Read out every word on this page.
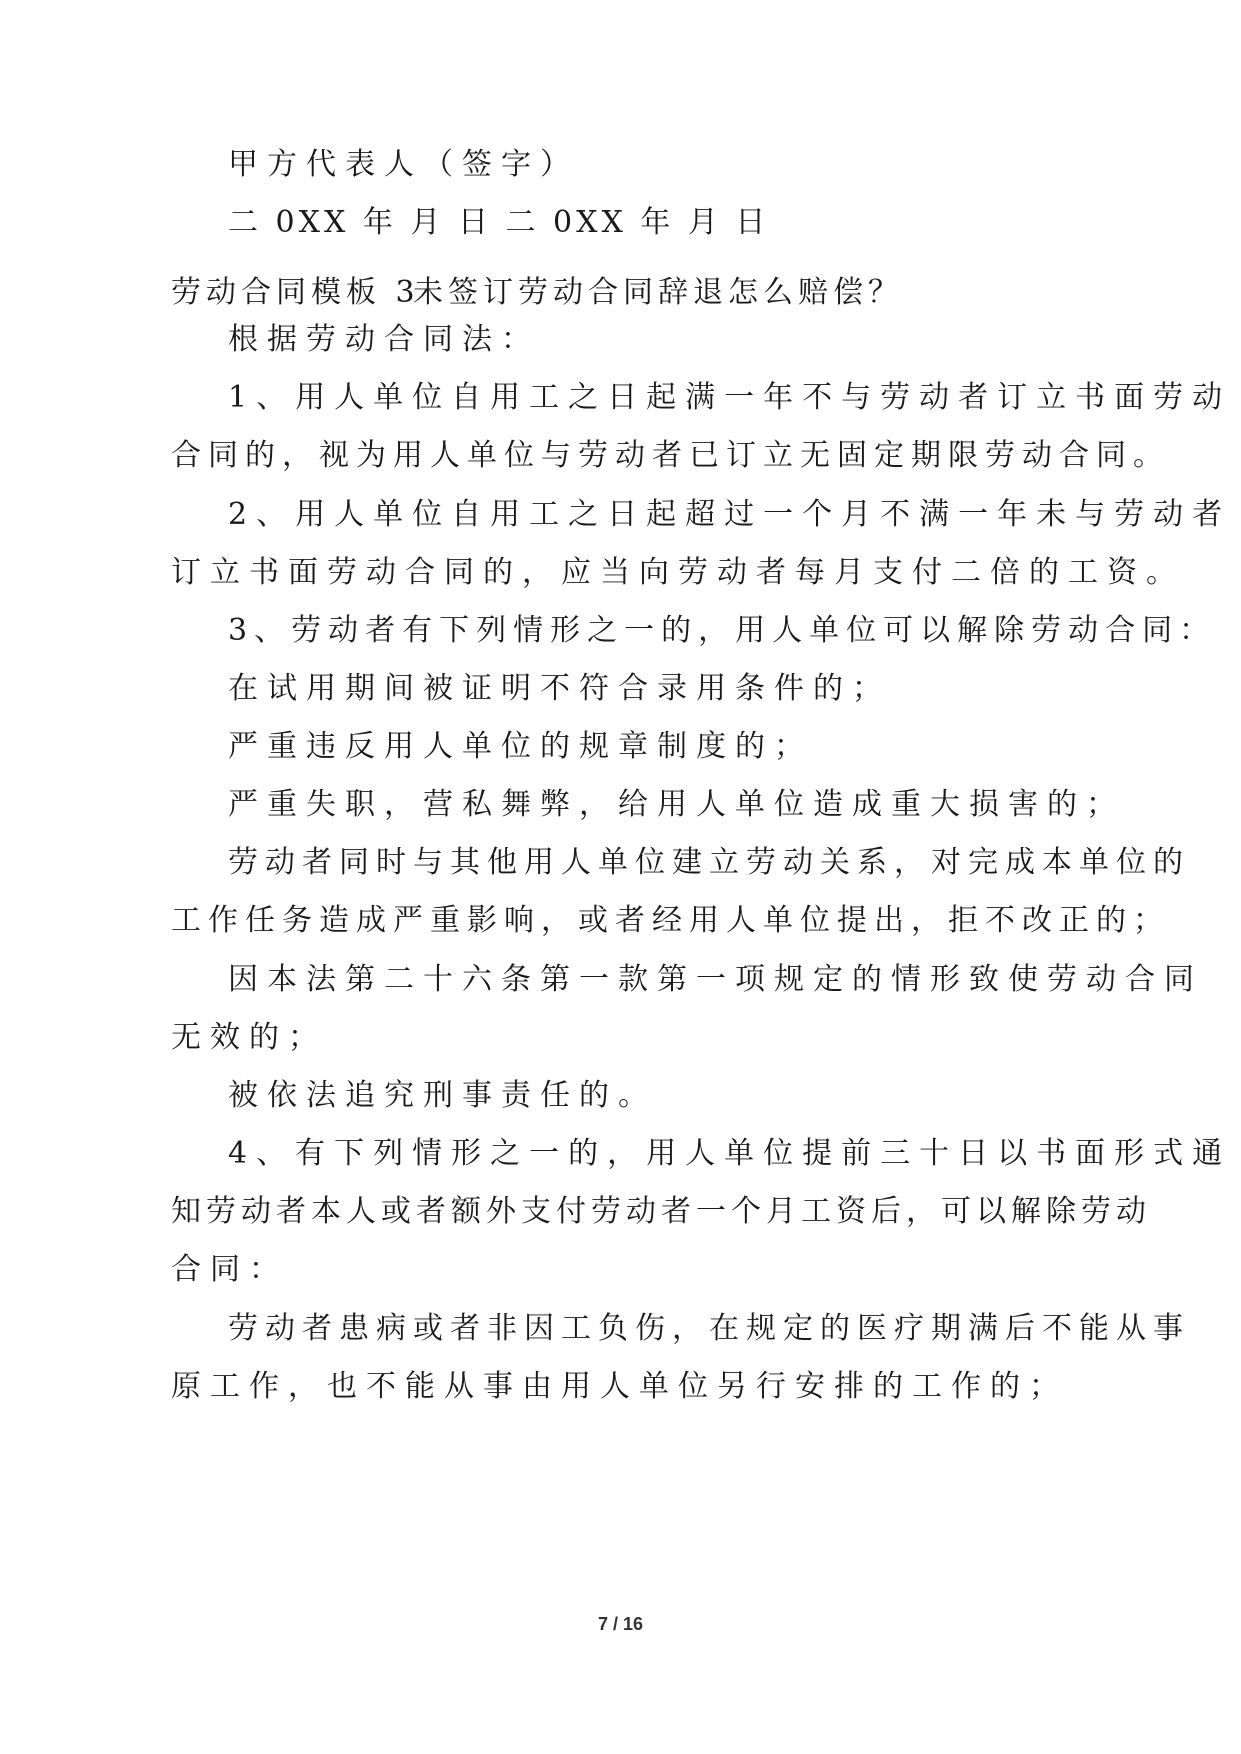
甲方代表人（签字）
二 0XX 年 月 日 二 0XX 年 月 日
劳动合同模板 3
未签订劳动合同辞退怎么赔偿？
根据劳动合同法：
1、用人单位自用工之日起满一年不与劳动者订立书面劳动
合同的，视为用人单位与劳动者已订立无固定期限劳动合同。
2、用人单位自用工之日起超过一个月不满一年未与劳动者
订立书面劳动合同的，应当向劳动者每月支付二倍的工资。
3、劳动者有下列情形之一的，用人单位可以解除劳动合同：
在试用期间被证明不符合录用条件的；
严重违反用人单位的规章制度的；
严重失职，营私舞弊，给用人单位造成重大损害的；
劳动者同时与其他用人单位建立劳动关系，对完成本单位的
工作任务造成严重影响，或者经用人单位提出，拒不改正的；
因本法第二十六条第一款第一项规定的情形致使劳动合同
无效的；
被依法追究刑事责任的。
4、有下列情形之一的，用人单位提前三十日以书面形式通
知劳动者本人或者额外支付劳动者一个月工资后，可以解除劳动
合同：
劳动者患病或者非因工负伤，在规定的医疗期满后不能从事
原工作，也不能从事由用人单位另行安排的工作的；
7 / 16
